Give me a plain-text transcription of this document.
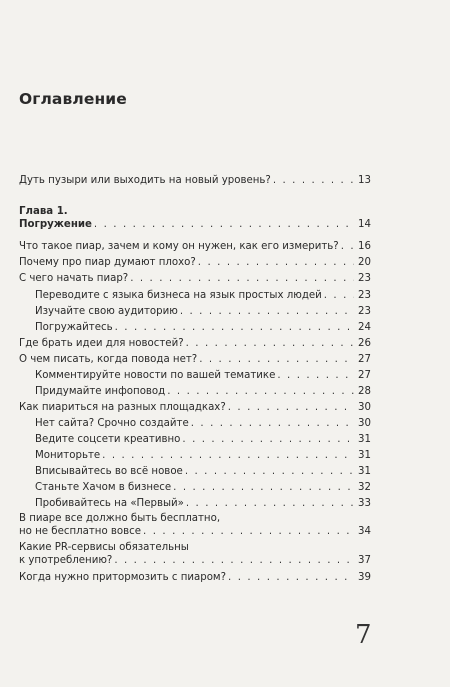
Оглавление
Дуть пузыри или выходить на новый уровень? . . .	13
Глава 1.
Погружение . . .	14
Что такое пиар, зачем и кому он нужен, как его измерить? . . .	16
Почему про пиар думают плохо? . . .	20
С чего начать пиар? . . .	23
Переводите с языка бизнеса на язык простых людей . . .	23
Изучайте свою аудиторию . . .	23
Погружайтесь . . .	24
Где брать идеи для новостей? . . .	26
О чем писать, когда повода нет? . . .	27
Комментируйте новости по вашей тематике . . .	27
Придумайте инфоповод . . .	28
Как пиариться на разных площадках? . . .	30
Нет сайта? Срочно создайте . . .	30
Ведите соцсети креативно . . .	31
Мониторьте . . .	31
Вписывайтесь во всё новое . . .	31
Станьте Хачом в бизнесе . . .	32
Пробивайтесь на «Первый» . . .	33
В пиаре все должно быть бесплатно,
но не бесплатно вовсе . . .	34
Какие PR-сервисы обязательны
к употреблению? . . .	37
Когда нужно притормозить с пиаром? . . .	39

7
